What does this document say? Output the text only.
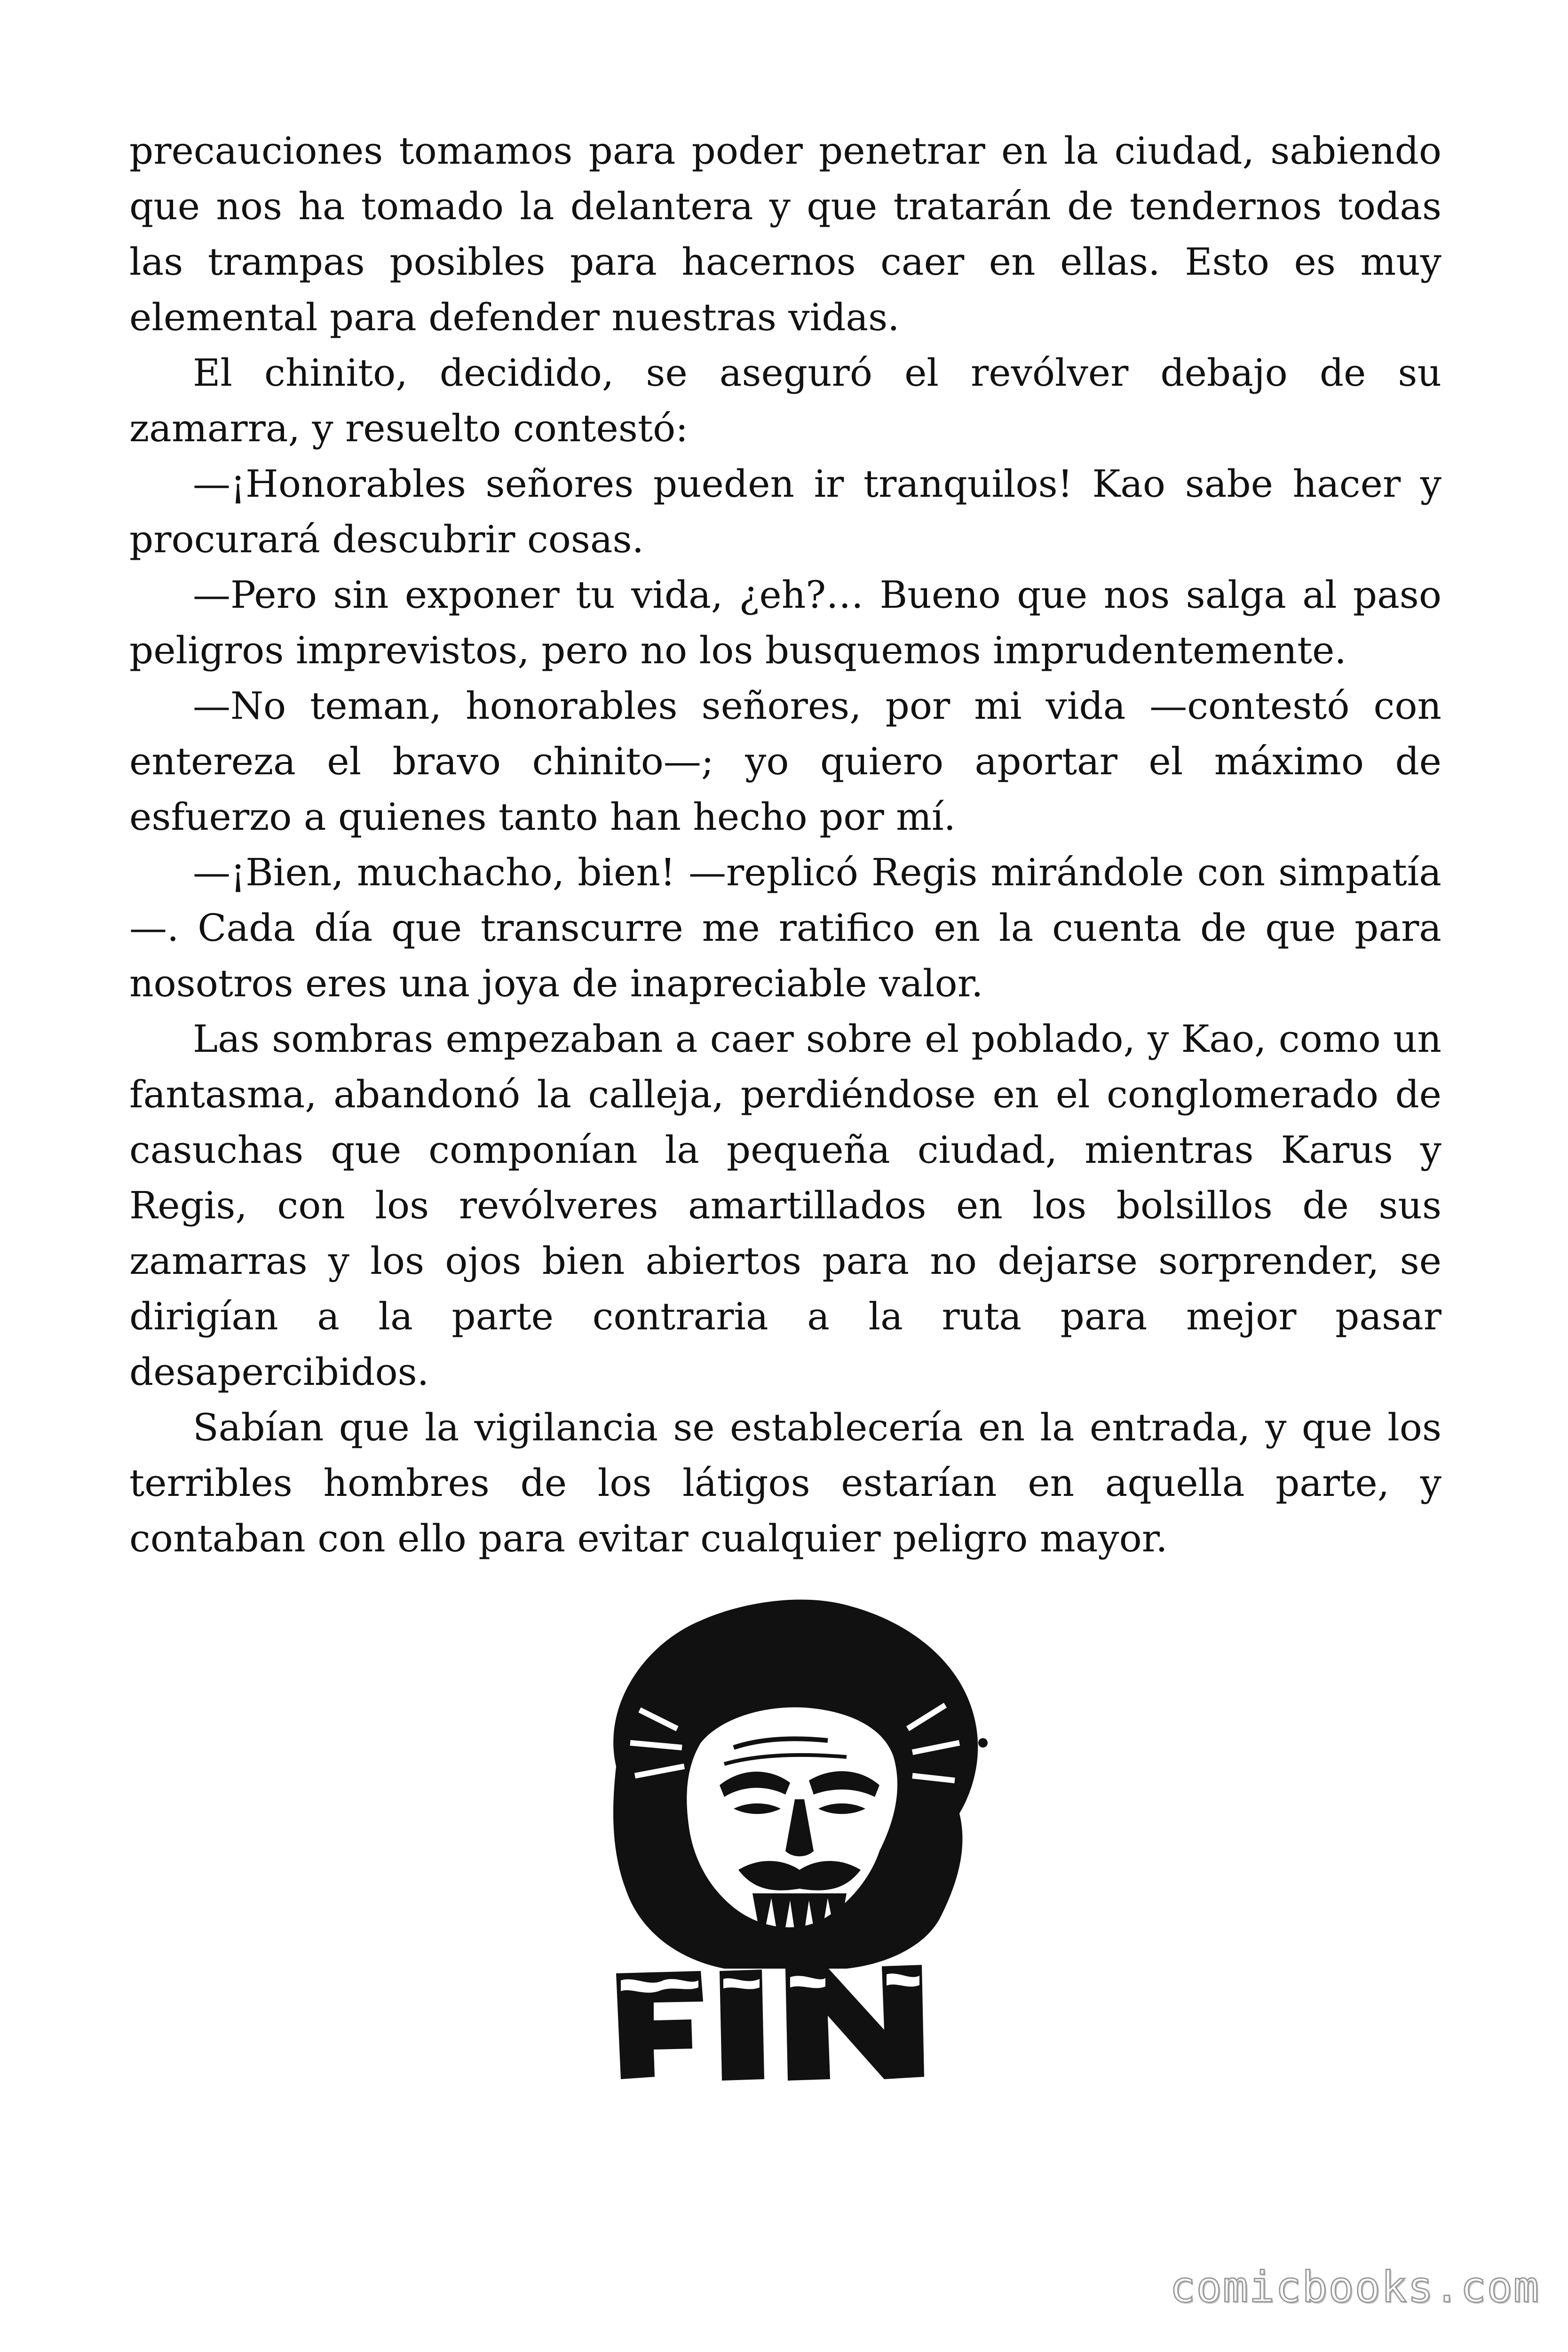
precauciones tomamos para poder penetrar en la ciudad, sabiendo que nos ha tomado la delantera y que tratarán de tendernos todas las trampas posibles para hacernos caer en ellas. Esto es muy elemental para defender nuestras vidas.

El chinito, decidido, se aseguró el revólver debajo de su zamarra, y resuelto contestó:

—¡Honorables señores pueden ir tranquilos! Kao sabe hacer y procurará descubrir cosas.

—Pero sin exponer tu vida, ¿eh?… Bueno que nos salga al paso peligros imprevistos, pero no los busquemos imprudentemente.

—No teman, honorables señores, por mi vida —contestó con entereza el bravo chinito—; yo quiero aportar el máximo de esfuerzo a quienes tanto han hecho por mí.

—¡Bien, muchacho, bien! —replicó Regis mirándole con simpatía—. Cada día que transcurre me ratifico en la cuenta de que para nosotros eres una joya de inapreciable valor.

Las sombras empezaban a caer sobre el poblado, y Kao, como un fantasma, abandonó la calleja, perdiéndose en el conglomerado de casuchas que componían la pequeña ciudad, mientras Karus y Regis, con los revólveres amartillados en los bolsillos de sus zamarras y los ojos bien abiertos para no dejarse sorprender, se dirigían a la parte contraria a la ruta para mejor pasar desapercibidos.

Sabían que la vigilancia se establecería en la entrada, y que los terribles hombres de los látigos estarían en aquella parte, y contaban con ello para evitar cualquier peligro mayor.

comicbooks.com
